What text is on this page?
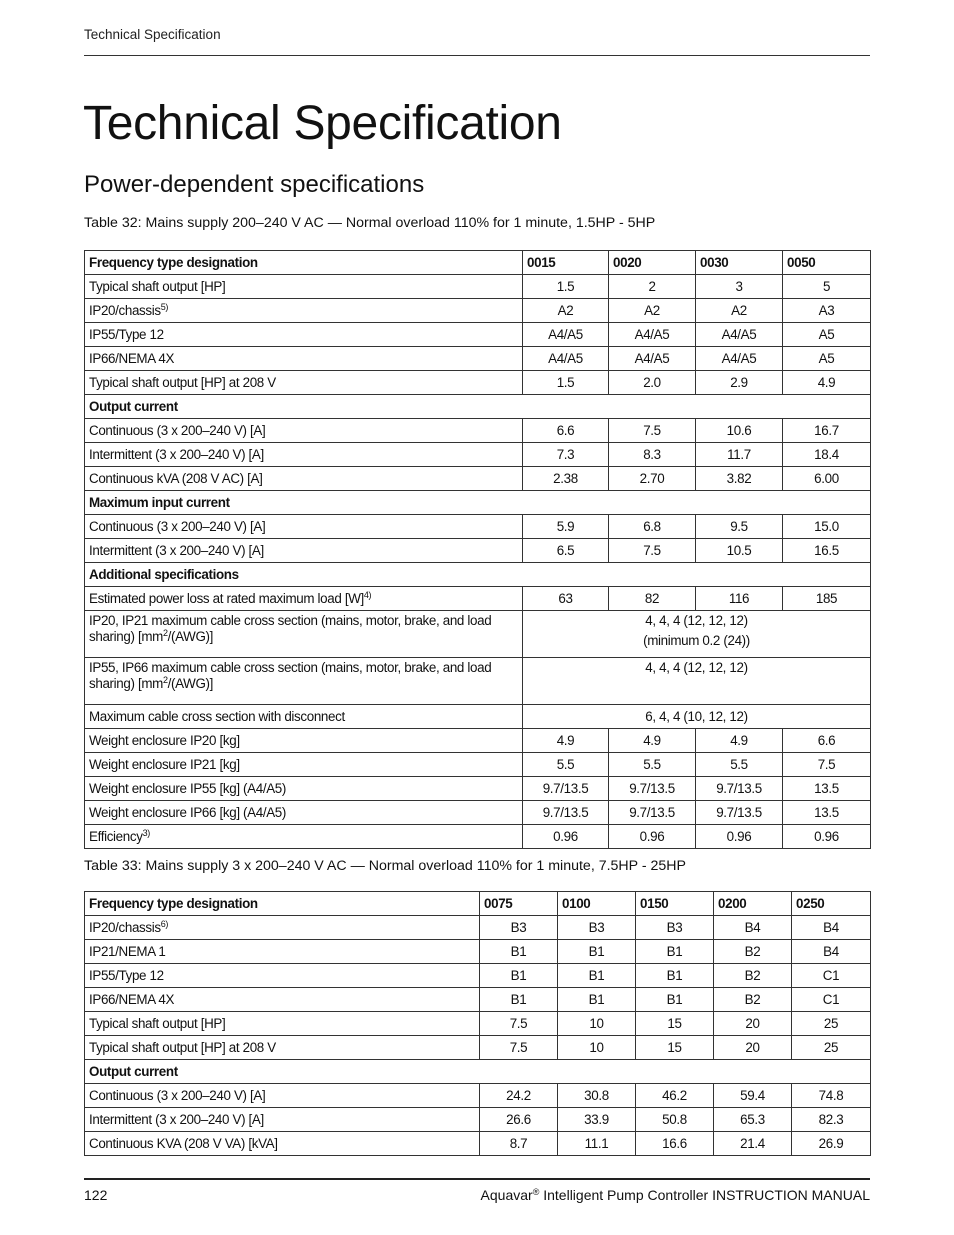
Technical Specification
Technical Specification
Power-dependent specifications
Table 32: Mains supply 200–240 V AC — Normal overload 110% for 1 minute, 1.5HP - 5HP
Frequency type designation	0015	0020	0030	0050
Typical shaft output [HP]	1.5	2	3	5
IP20/chassis$^{5)}$	A2	A2	A2	A3
IP55/Type 12	A4/A5	A4/A5	A4/A5	A5
IP66/NEMA 4X	A4/A5	A4/A5	A4/A5	A5
Typical shaft output [HP] at 208 V	1.5	2.0	2.9	4.9
Output current				
Continuous (3 x 200–240 V) [A]	6.6	7.5	10.6	16.7
Intermittent (3 x 200–240 V) [A]	7.3	8.3	11.7	18.4
Continuous kVA (208 V AC) [A]	2.38	2.70	3.82	6.00
Maximum input current				
Continuous (3 x 200–240 V) [A]	5.9	6.8	9.5	15.0
Intermittent (3 x 200–240 V) [A]	6.5	7.5	10.5	16.5
Additional specifications				
Estimated power loss at rated maximum load $[W]^{4)}$	63	82	116	185
IP20, IP21 maximum cable cross section (mains, motor, brake, and load sharing) $[mm^2/(AWG)]$	4, 4, 4 (12, 12, 12)
(minimum 0.2 (24))			

IP55, IP66 maximum cable cross section (mains, motor, brake, and load sharing) $[mm^2/(AWG)]$	4, 4, 4 (12, 12, 12)			
Maximum cable cross section with disconnect	6, 4, 4 (10, 12, 12)			
Weight enclosure IP20 [kg]	4.9	4.9	4.9	6.6
Weight enclosure IP21 [kg]	5.5	5.5	5.5	7.5
Weight enclosure IP55 [kg] (A4/A5)	9.7/13.5	9.7/13.5	9.7/13.5	13.5
Weight enclosure IP66 [kg] (A4/A5)	9.7/13.5	9.7/13.5	9.7/13.5	13.5
Efficiency$^{3)}$	0.96	0.96	0.96	0.96
Table 33: Mains supply 3 x 200–240 V AC — Normal overload 110% for 1 minute, 7.5HP - 25HP
Frequency type designation	0075	0100	0150	0200	0250
IP20/chassis$^{6)}$	B3	B3	B3	B4	B4
IP21/NEMA 1	B1	B1	B1	B2	B4
IP55/Type 12	B1	B1	B1	B2	C1
IP66/NEMA 4X	B1	B1	B1	B2	C1
Typical shaft output [HP]	7.5	10	15	20	25
Typical shaft output [HP] at 208 V	7.5	10	15	20	25
Output current					
Continuous (3 x 200–240 V) [A]	24.2	30.8	46.2	59.4	74.8
Intermittent (3 x 200–240 V) [A]	26.6	33.9	50.8	65.3	82.3
Continuous KVA (208 V VA) [kVA]	8.7	11.1	16.6	21.4	26.9
122	Aquavar® Intelligent Pump Controller INSTRUCTION MANUAL
